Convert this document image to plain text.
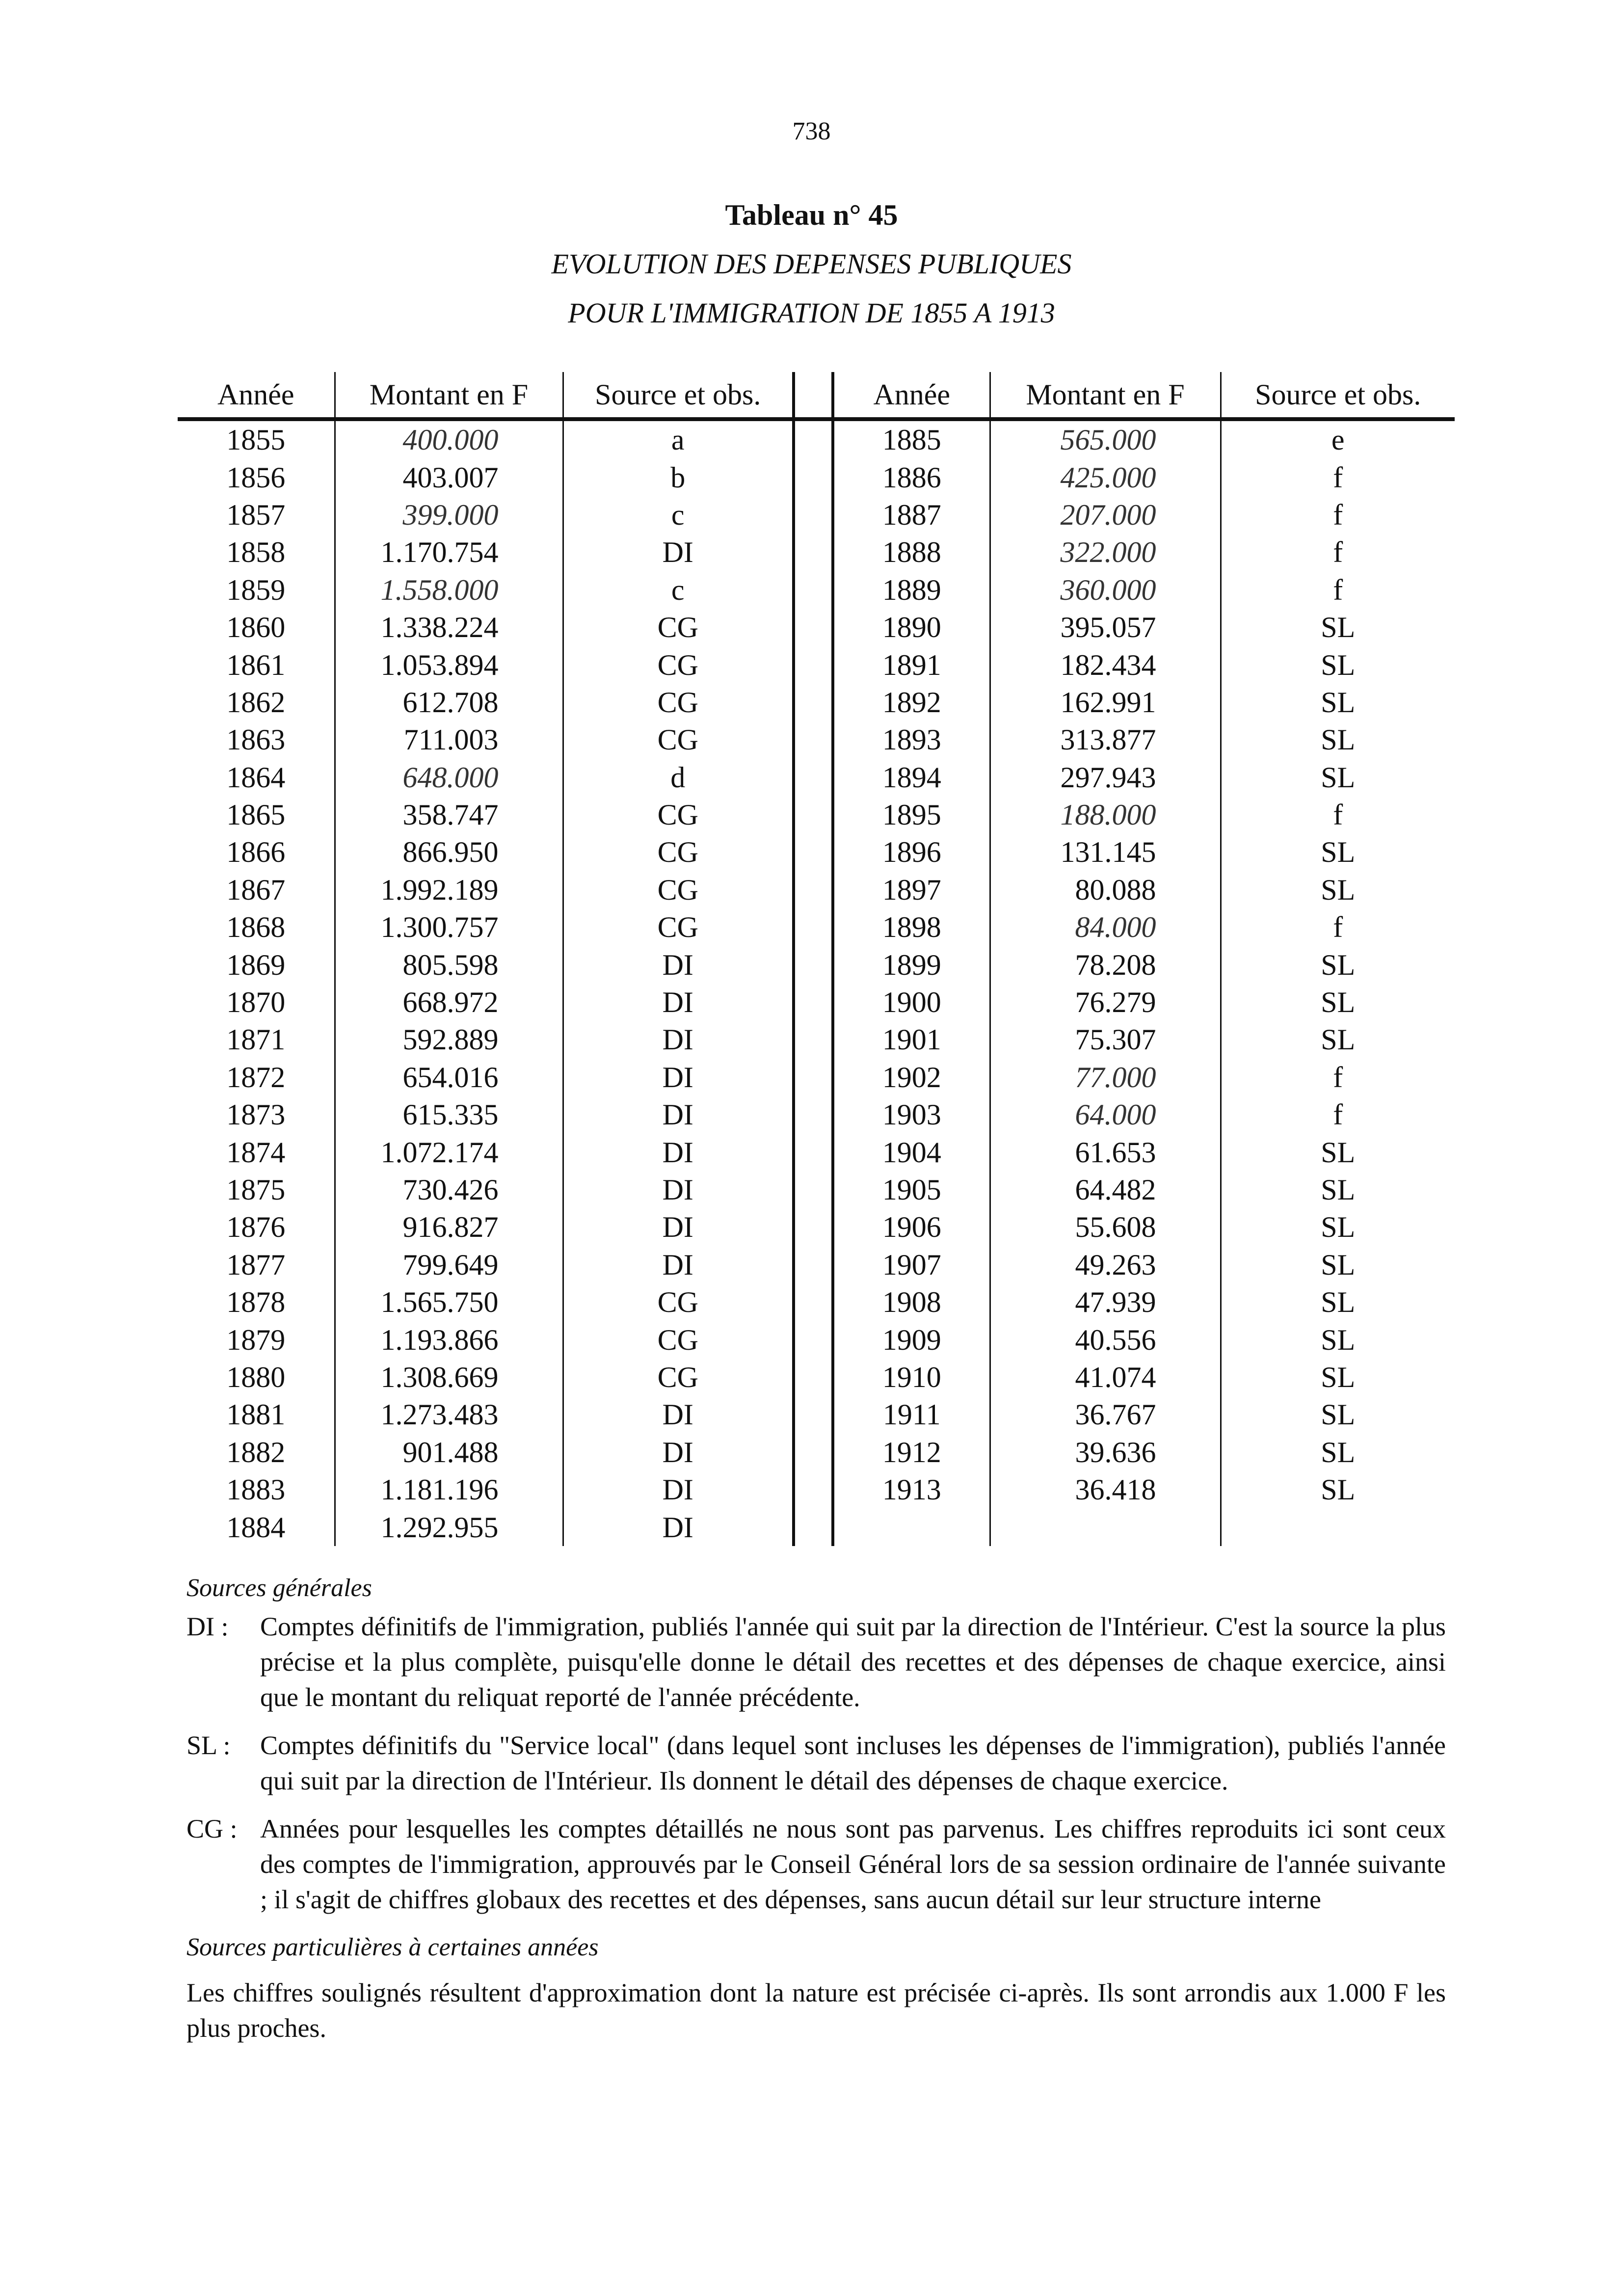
738
Tableau n° 45
EVOLUTION DES DEPENSES PUBLIQUES
POUR L'IMMIGRATION DE 1855 A 1913
Année	Montant en F	Source et obs.		Année	Montant en F	Source et obs.
1855	400.000	a		1885	565.000	e
1856	403.007	b		1886	425.000	f
1857	399.000	c		1887	207.000	f
1858	1.170.754	DI		1888	322.000	f
1859	1.558.000	c		1889	360.000	f
1860	1.338.224	CG		1890	395.057	SL
1861	1.053.894	CG		1891	182.434	SL
1862	612.708	CG		1892	162.991	SL
1863	711.003	CG		1893	313.877	SL
1864	648.000	d		1894	297.943	SL
1865	358.747	CG		1895	188.000	f
1866	866.950	CG		1896	131.145	SL
1867	1.992.189	CG		1897	80.088	SL
1868	1.300.757	CG		1898	84.000	f
1869	805.598	DI		1899	78.208	SL
1870	668.972	DI		1900	76.279	SL
1871	592.889	DI		1901	75.307	SL
1872	654.016	DI		1902	77.000	f
1873	615.335	DI		1903	64.000	f
1874	1.072.174	DI		1904	61.653	SL
1875	730.426	DI		1905	64.482	SL
1876	916.827	DI		1906	55.608	SL
1877	799.649	DI		1907	49.263	SL
1878	1.565.750	CG		1908	47.939	SL
1879	1.193.866	CG		1909	40.556	SL
1880	1.308.669	CG		1910	41.074	SL
1881	1.273.483	DI		1911	36.767	SL
1882	901.488	DI		1912	39.636	SL
1883	1.181.196	DI		1913	36.418	SL
1884	1.292.955	DI				
Sources générales
DI :	Comptes définitifs de l'immigration, publiés l'année qui suit par la direction de l'Intérieur. C'est la source la plus précise et la plus complète, puisqu'elle donne le détail des recettes et des dépenses de chaque exercice, ainsi que le montant du reliquat reporté de l'année précédente.
SL :	Comptes définitifs du "Service local" (dans lequel sont incluses les dépenses de l'immigration), publiés l'année qui suit par la direction de l'Intérieur. Ils donnent le détail des dépenses de chaque exercice.
CG : Années pour lesquelles les comptes détaillés ne nous sont pas parvenus. Les chiffres reproduits ici sont ceux des comptes de l'immigration, approuvés par le Conseil Général lors de sa session ordinaire de l'année suivante ; il s'agit de chiffres globaux des recettes et des dépenses, sans aucun détail sur leur structure interne
Sources particulières à certaines années
Les chiffres soulignés résultent d'approximation dont la nature est précisée ci-après. Ils sont arrondis aux 1.000 F les plus proches.
